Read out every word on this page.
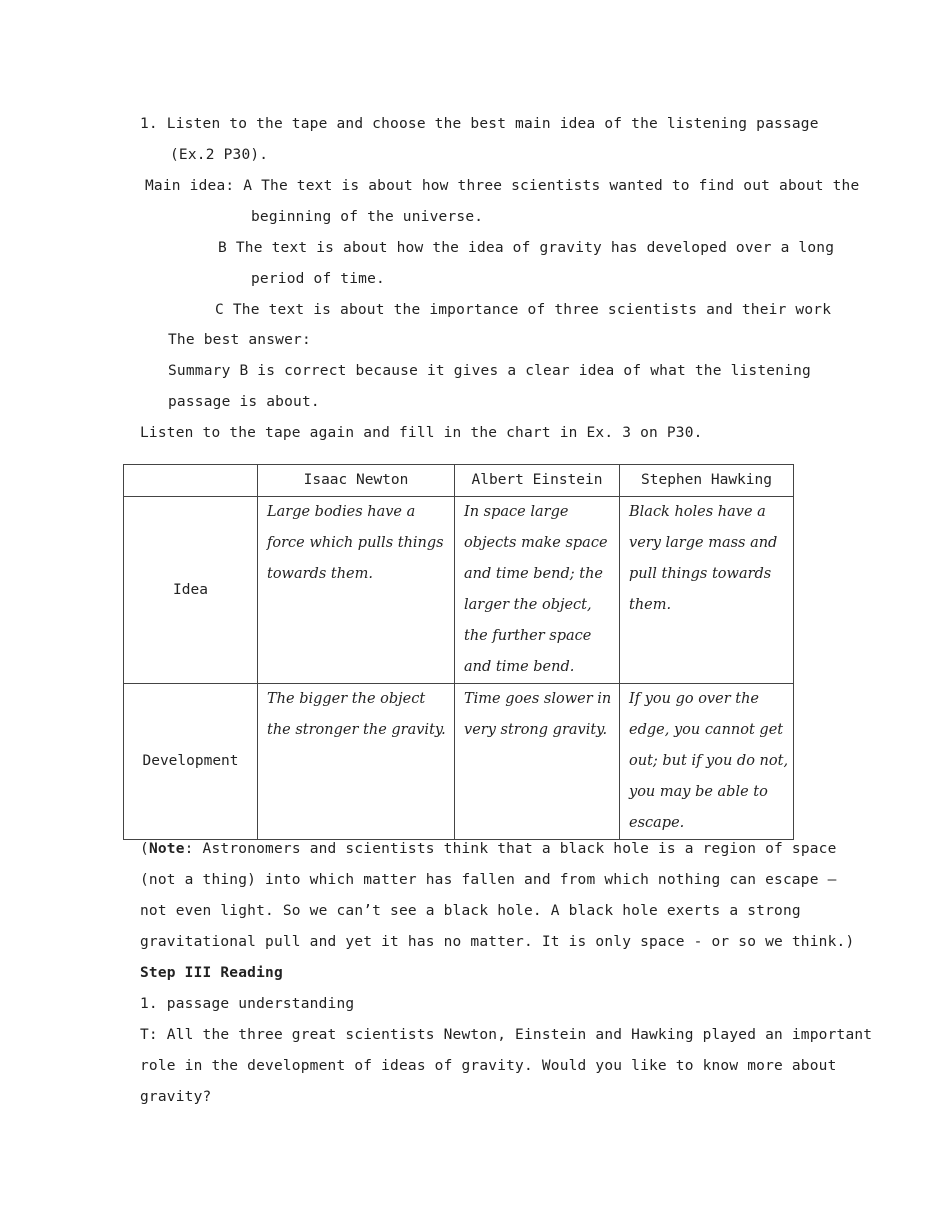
1. Listen to the tape and choose the best main idea of the listening passage
(Ex.2 P30).
Main idea: A The text is about how three scientists wanted to find out about the
beginning of the universe.
B The text is about how the idea of gravity has developed over a long
period of time.
C The text is about the importance of three scientists and their work
The best answer:
Summary B is correct because it gives a clear idea of what the listening
passage is about.
Listen to the tape again and fill in the chart in Ex. 3 on P30.
	Isaac Newton	Albert Einstein	Stephen Hawking
Idea	Large bodies have a force which pulls things towards them.	In space large objects make space and time bend; the larger the object, the further space and time bend.	Black holes have a very large mass and pull things towards them.
Development	The bigger the object the stronger the gravity.	Time goes slower in very strong gravity.	If you go over the edge, you cannot get out; but if you do not, you may be able to escape.
(Note: Astronomers and scientists think that a black hole is a region of space
(not a thing) into which matter has fallen and from which nothing can escape —
not even light. So we can’t see a black hole. A black hole exerts a strong
gravitational pull and yet it has no matter. It is only space - or so we think.)
Step III Reading
1. passage understanding
T: All the three great scientists Newton, Einstein and Hawking played an important
role in the development of ideas of gravity. Would you like to know more about
gravity?
